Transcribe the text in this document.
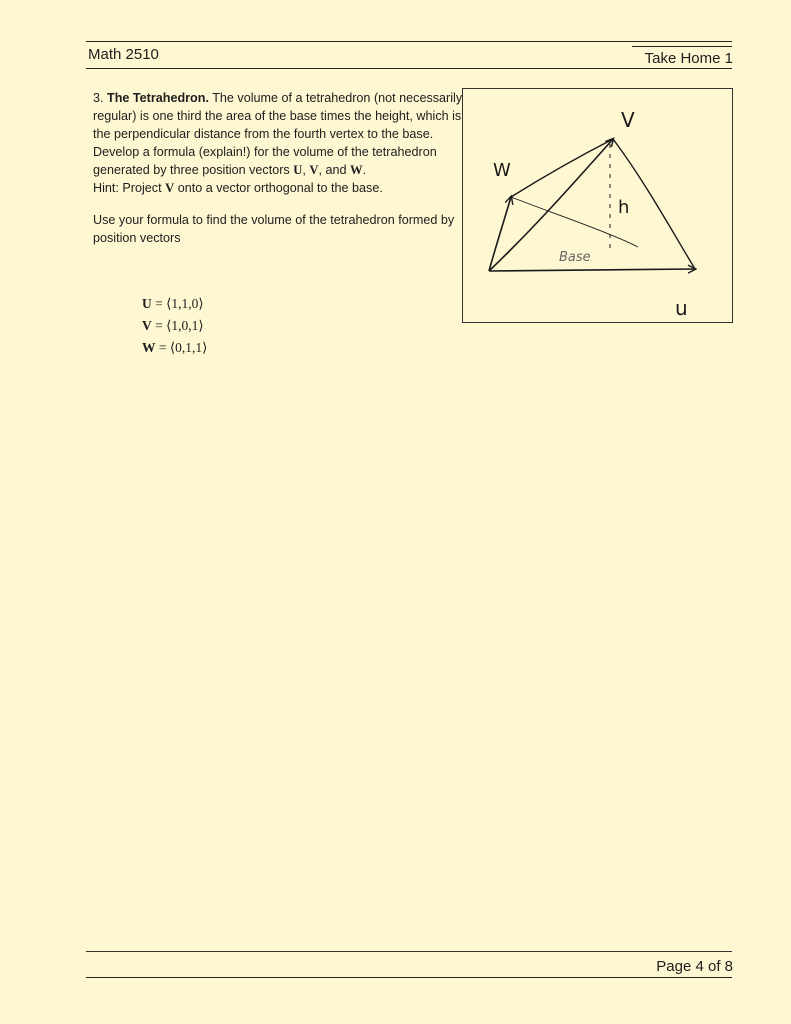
Math 2510	Take Home 1

3. The Tetrahedron. The volume of a tetrahedron (not necessarily regular) is one third the area of the base times the height, which is the perpendicular distance from the fourth vertex to the base. Develop a formula (explain!) for the volume of the tetrahedron generated by three position vectors U, V, and W.
Hint: Project V onto a vector orthogonal to the base.

Use your formula to find the volume of the tetrahedron formed by position vectors

U = ⟨1,1,0⟩
V = ⟨1,0,1⟩
W = ⟨0,1,1⟩
W
V
h
Base
u
Page 4 of 8
